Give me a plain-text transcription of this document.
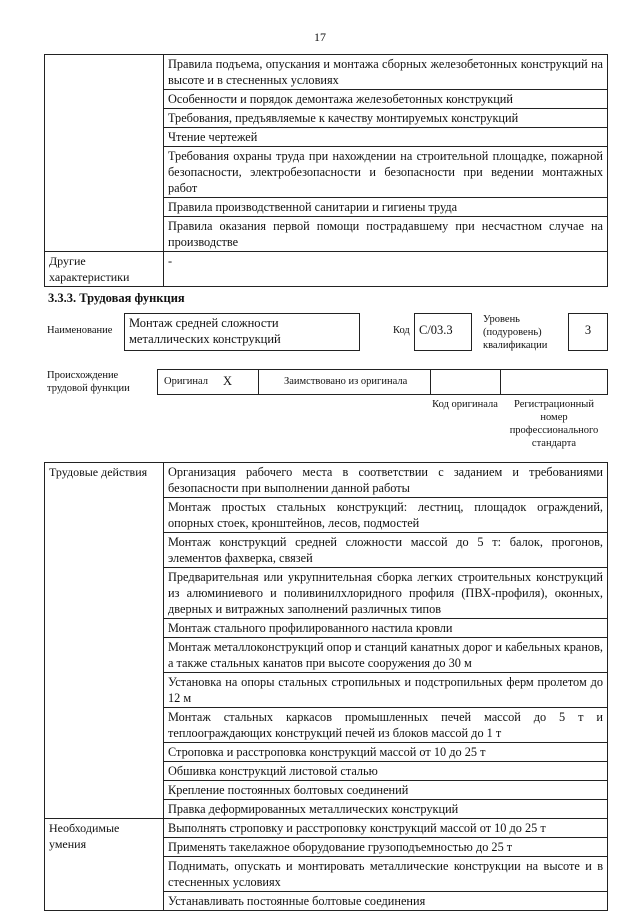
17
	Правила подъема, опускания и монтажа сборных железобетонных конструкций на высоте и в стесненных условиях
	Особенности и порядок демонтажа железобетонных конструкций
	Требования, предъявляемые к качеству монтируемых конструкций
	Чтение чертежей
	Требования охраны труда при нахождении на строительной площадке, пожарной безопасности, электробезопасности и безопасности при ведении монтажных работ
	Правила производственной санитарии и гигиены труда
	Правила оказания первой помощи пострадавшему при несчастном случае на производстве
Другие характеристики	-
3.3.3. Трудовая функция
Наименование
Монтаж средней сложности металлических конструкций
Код С/03.3
Уровень (подуровень) квалификации
3
Происхождение трудовой функции
Оригинал X	Заимствовано из оригинала
Код оригинала	Регистрационный номер профессионального стандарта
Трудовые действия	Организация рабочего места в соответствии с заданием и требованиями безопасности при выполнении данной работы
	Монтаж простых стальных конструкций: лестниц, площадок ограждений, опорных стоек, кронштейнов, лесов, подмостей
	Монтаж конструкций средней сложности массой до 5 т: балок, прогонов, элементов фахверка, связей
	Предварительная или укрупнительная сборка легких строительных конструкций из алюминиевого и поливинилхлоридного профиля (ПВХ-профиля), оконных, дверных и витражных заполнений различных типов
	Монтаж стального профилированного настила кровли
	Монтаж металлоконструкций опор и станций канатных дорог и кабельных кранов, а также стальных канатов при высоте сооружения до 30 м
	Установка на опоры стальных стропильных и подстропильных ферм пролетом до 12 м
	Монтаж стальных каркасов промышленных печей массой до 5 т и теплоограждающих конструкций печей из блоков массой до 1 т
	Строповка и расстроповка конструкций массой от 10 до 25 т
	Обшивка конструкций листовой сталью
	Крепление постоянных болтовых соединений
	Правка деформированных металлических конструкций
Необходимые умения	Выполнять строповку и расстроповку конструкций массой от 10 до 25 т
	Применять такелажное оборудование грузоподъемностью до 25 т
	Поднимать, опускать и монтировать металлические конструкции на высоте и в стесненных условиях
	Устанавливать постоянные болтовые соединения
